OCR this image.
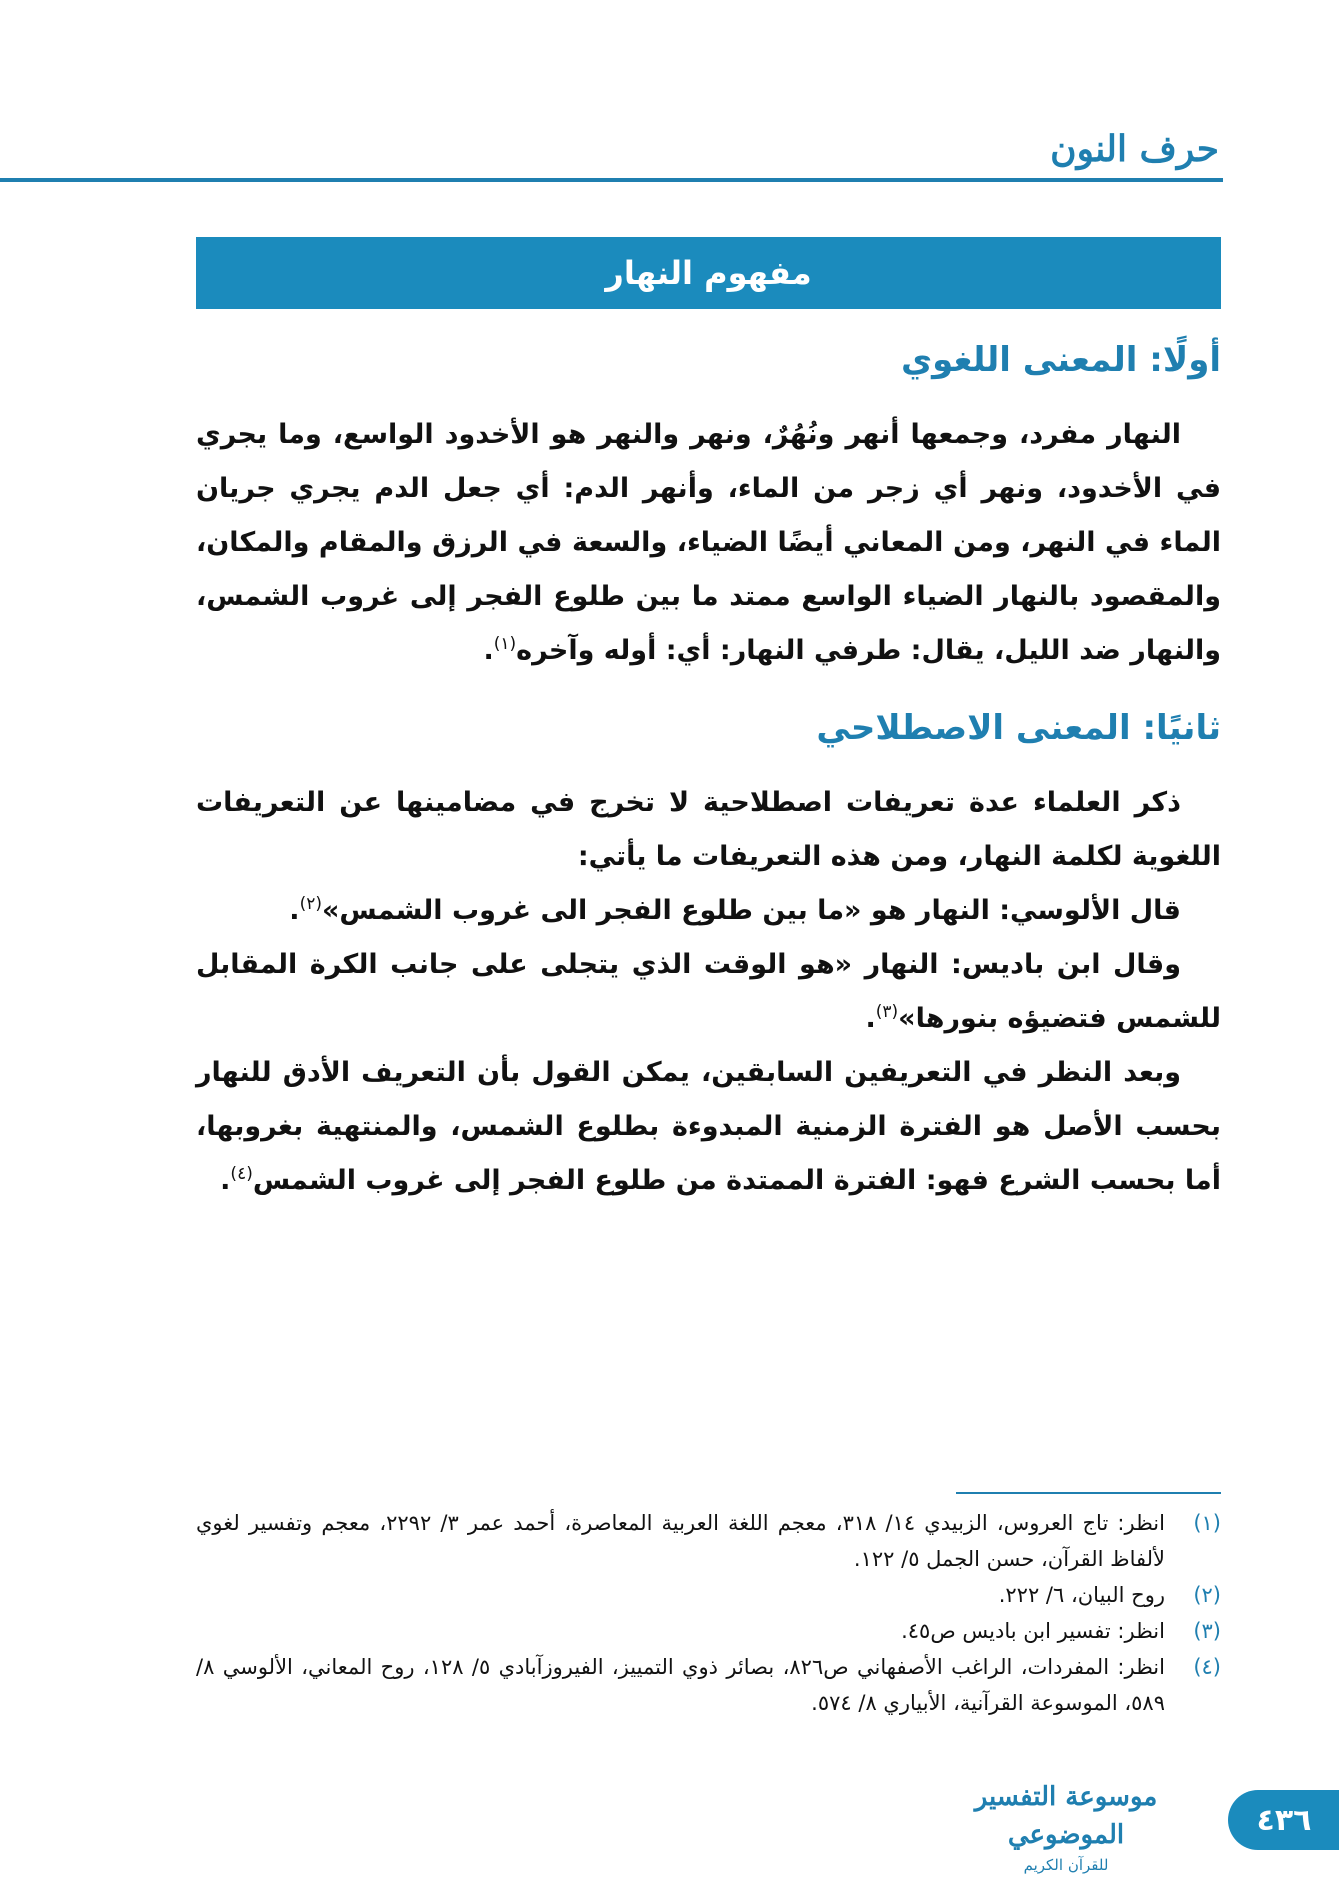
حرف النون
مفهوم النهار
أولًا: المعنى اللغوي

النهار مفرد، وجمعها أنهر ونُهُرٌ، ونهر والنهر هو الأخدود الواسع، وما يجري في الأخدود، ونهر أي زجر من الماء، وأنهر الدم: أي جعل الدم يجري جريان الماء في النهر، ومن المعاني أيضًا الضياء، والسعة في الرزق والمقام والمكان، والمقصود بالنهار الضياء الواسع ممتد ما بين طلوع الفجر إلى غروب الشمس، والنهار ضد الليل، يقال: طرفي النهار: أي: أوله وآخره$^{(١)}$.

ثانيًا: المعنى الاصطلاحي

ذكر العلماء عدة تعريفات اصطلاحية لا تخرج في مضامينها عن التعريفات اللغوية لكلمة النهار، ومن هذه التعريفات ما يأتي:

قال الألوسي: النهار هو «ما بين طلوع الفجر الى غروب الشمس»$^{(٢)}$.

وقال ابن باديس: النهار «هو الوقت الذي يتجلى على جانب الكرة المقابل للشمس فتضيؤه بنورها»$^{(٣)}$.

وبعد النظر في التعريفين السابقين، يمكن القول بأن التعريف الأدق للنهار بحسب الأصل هو الفترة الزمنية المبدوءة بطلوع الشمس، والمنتهية بغروبها، أما بحسب الشرع فهو: الفترة الممتدة من طلوع الفجر إلى غروب الشمس$^{(٤)}$.

(١)
انظر: تاج العروس، الزبيدي ١٤/ ٣١٨، معجم اللغة العربية المعاصرة، أحمد عمر ٣/ ٢٢٩٢، معجم وتفسير لغوي لألفاظ القرآن، حسن الجمل ٥/ ١٢٢.
(٢)
روح البيان، ٦/ ٢٢٢.
(٣)
انظر: تفسير ابن باديس ص٤٥.
(٤)
انظر: المفردات، الراغب الأصفهاني ص٨٢٦، بصائر ذوي التمييز، الفيروزآبادي ٥/ ١٢٨، روح المعاني، الألوسي ٨/ ٥٨٩، الموسوعة القرآنية، الأبياري ٨/ ٥٧٤.
موسوعة التفسير الموضوعي
للقرآن الكريم
٤٣٦
